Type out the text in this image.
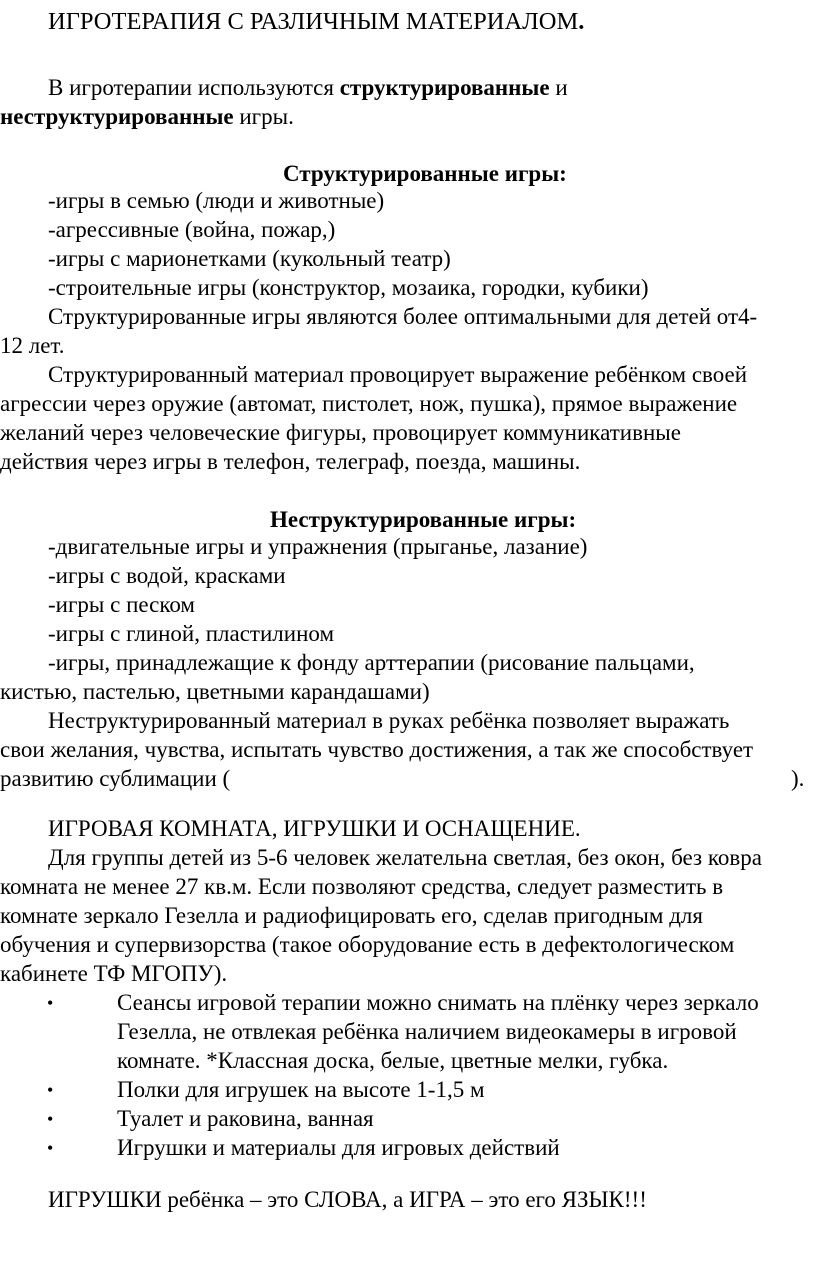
ИГРОТЕРАПИЯ С РАЗЛИЧНЫМ МАТЕРИАЛОМ.
В игротерапии используются структурированные и
неструктурированные игры.
Структурированные игры:
-игры в семью (люди и животные)
-агрессивные (война, пожар,)
-игры с марионетками (кукольный театр)
-строительные игры (конструктор, мозаика, городки, кубики)
Структурированные игры являются более оптимальными для детей от4-
12 лет.
Структурированный материал провоцирует выражение ребёнком своей
агрессии через оружие (автомат, пистолет, нож, пушка), прямое выражение
желаний через человеческие фигуры, провоцирует коммуникативные
действия через игры в телефон, телеграф, поезда, машины.
Неструктурированные игры:
-двигательные игры и упражнения (прыганье, лазание)
-игры с водой, красками
-игры с песком
-игры с глиной, пластилином
-игры, принадлежащие к фонду арттерапии (рисование пальцами,
кистью, пастелью, цветными карандашами)
Неструктурированный материал в руках ребёнка позволяет выражать
свои желания, чувства, испытать чувство достижения, а так же способствует
развитию сублимации (	).
ИГРОВАЯ КОМНАТА, ИГРУШКИ И ОСНАЩЕНИЕ.
Для группы детей из 5-6 человек желательна светлая, без окон, без ковра
комната не менее 27 кв.м. Если позволяют средства, следует разместить в
комнате зеркало Гезелла и радиофицировать его, сделав пригодным для
обучения и супервизорства (такое оборудование есть в дефектологическом
кабинете ТФ МГОПУ).
•	Сеансы игровой терапии можно снимать на плёнку через зеркало
Гезелла, не отвлекая ребёнка наличием видеокамеры в игровой
комнате. *Классная доска, белые, цветные мелки, губка.
•	Полки для игрушек на высоте 1-1,5 м
•	Туалет и раковина, ванная
•	Игрушки и материалы для игровых действий
ИГРУШКИ ребёнка – это СЛОВА, а ИГРА – это его ЯЗЫК!!!
